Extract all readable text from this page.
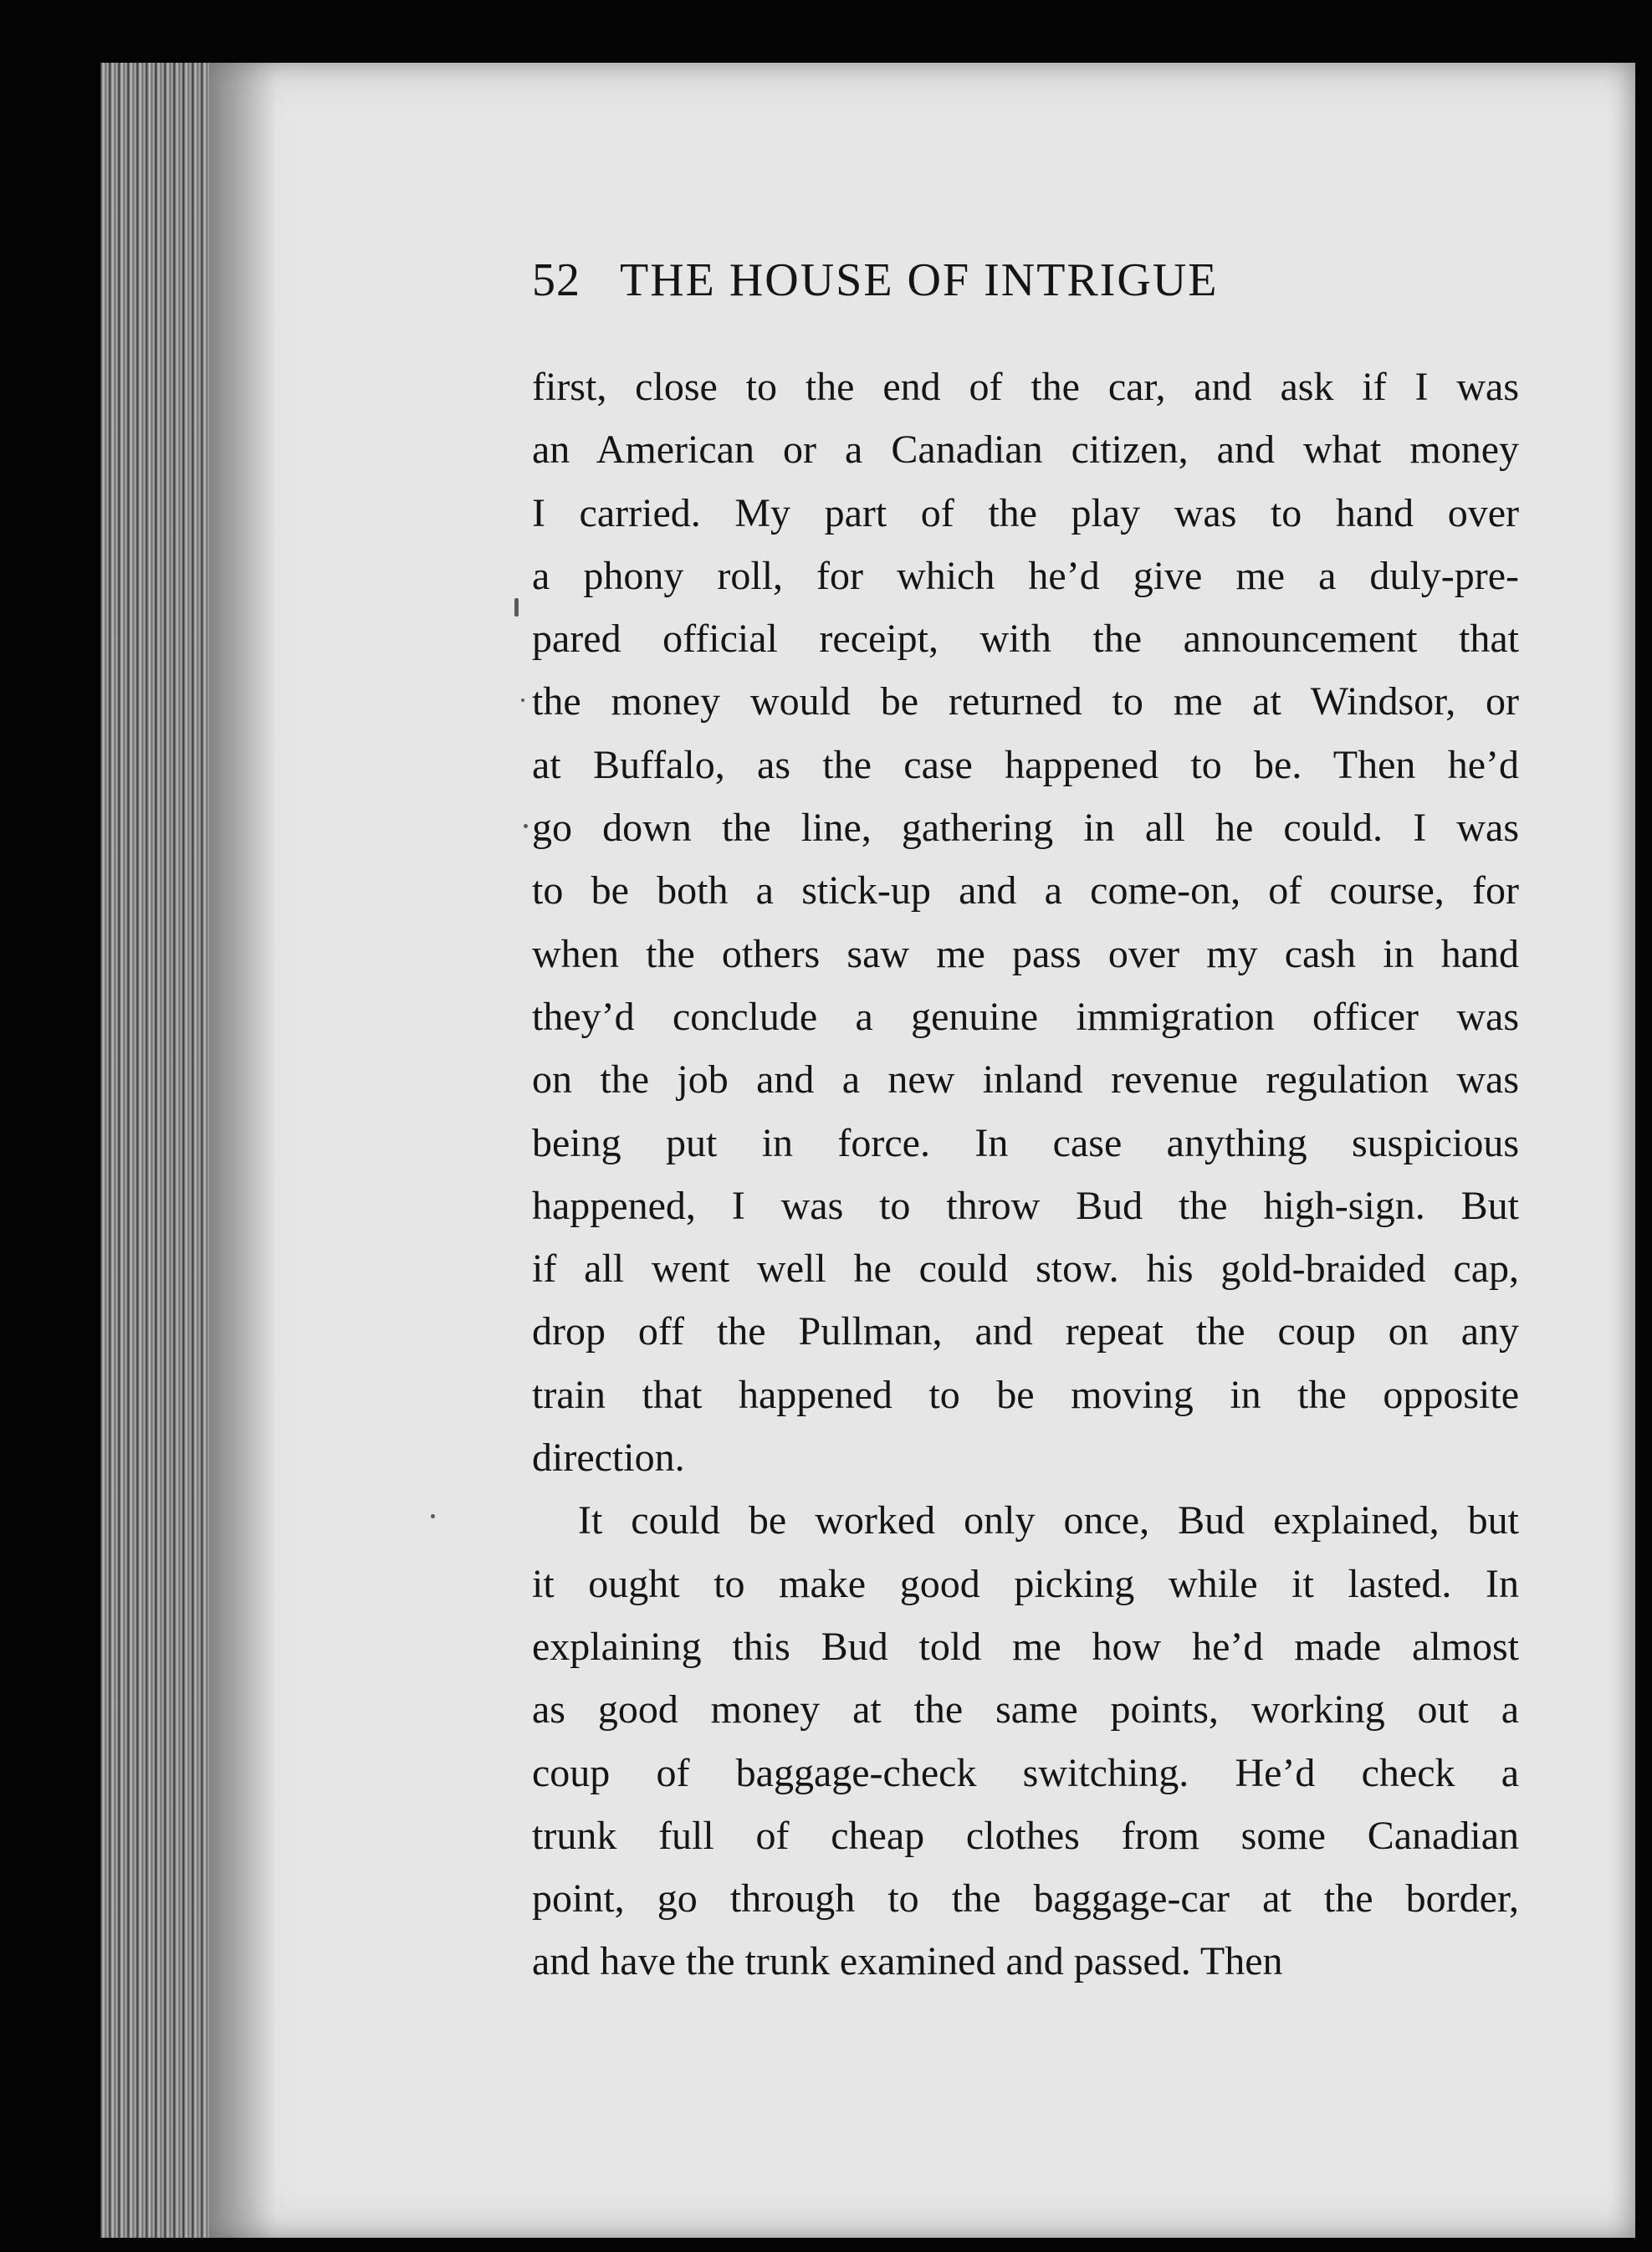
52 THE HOUSE OF INTRIGUE
first, close to the end of the car, and ask if I was
an American or a Canadian citizen, and what money
I carried. My part of the play was to hand over
a phony roll, for which he’d give me a duly-pre-
pared official receipt, with the announcement that
the money would be returned to me at Windsor, or
at Buffalo, as the case happened to be. Then he’d
go down the line, gathering in all he could. I was
to be both a stick-up and a come-on, of course, for
when the others saw me pass over my cash in hand
they’d conclude a genuine immigration officer was
on the job and a new inland revenue regulation was
being put in force. In case anything suspicious
happened, I was to throw Bud the high-sign. But
if all went well he could stow. his gold-braided cap,
drop off the Pullman, and repeat the coup on any
train that happened to be moving in the opposite
direction.
It could be worked only once, Bud explained, but
it ought to make good picking while it lasted. In
explaining this Bud told me how he’d made almost
as good money at the same points, working out a
coup of baggage-check switching. He’d check a
trunk full of cheap clothes from some Canadian
point, go through to the baggage-car at the border,
and have the trunk examined and passed. Then
